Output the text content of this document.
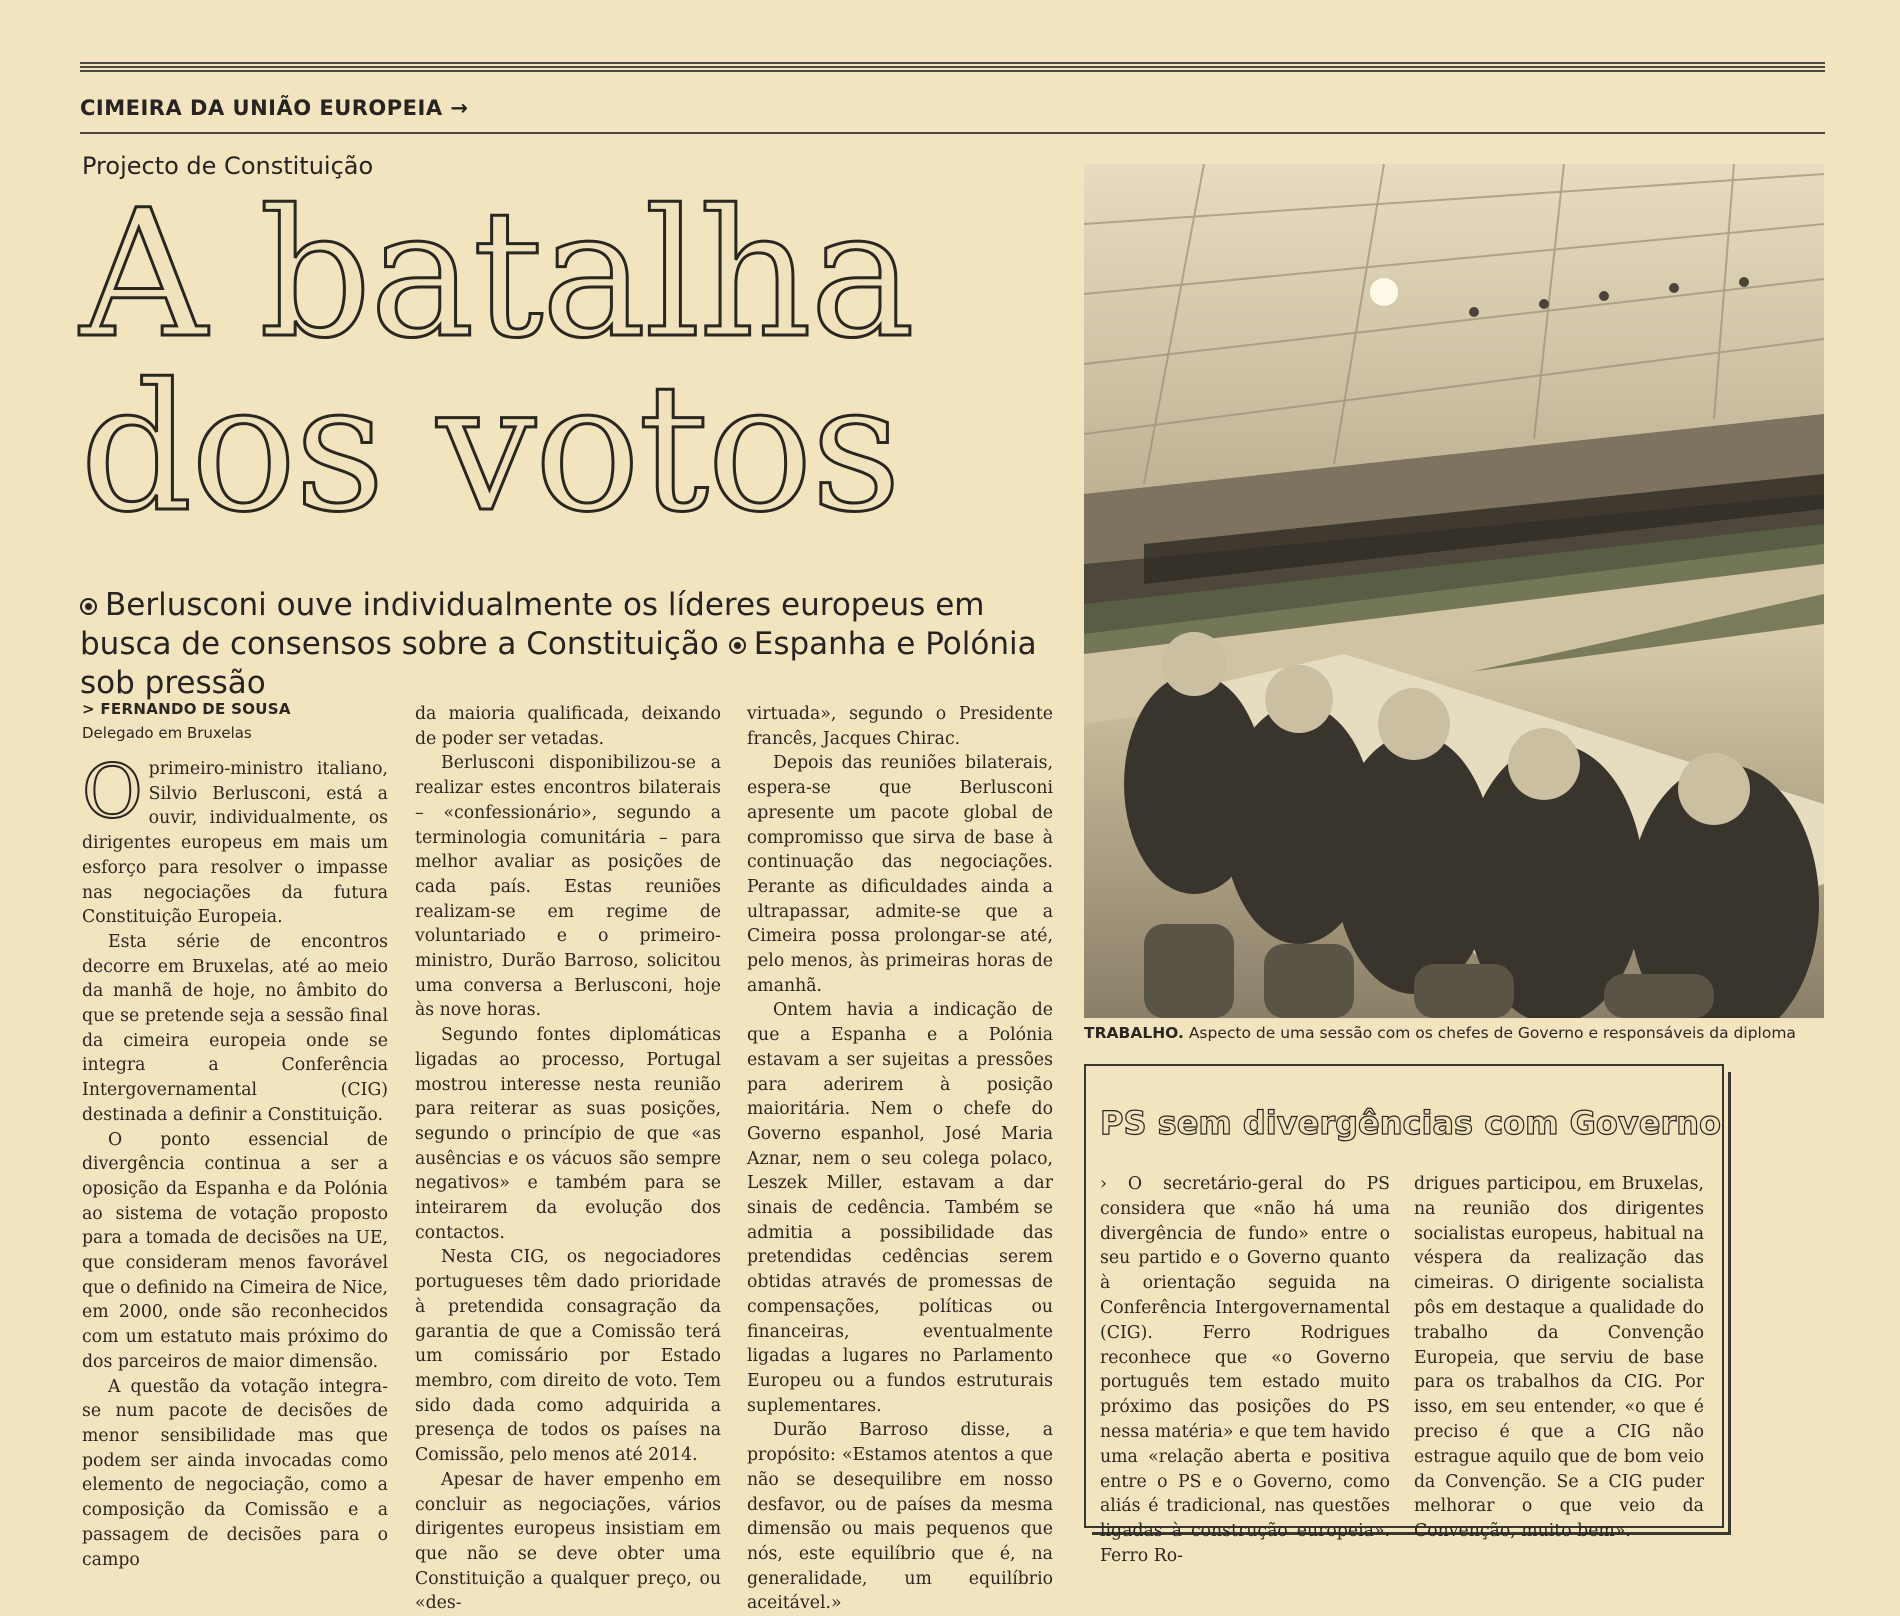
CIMEIRA DA UNIÃO EUROPEIA →
Projecto de Constituição
A batalha
dos votos
Berlusconi ouve individualmente os líderes europeus em busca de consensos sobre a Constituição Espanha e Polónia sob pressão
> FERNANDO DE SOUSA
Delegado em Bruxelas

Oprimeiro-ministro italiano, Silvio Berlusconi, está a ouvir, individualmente, os dirigentes europeus em mais um esforço para resolver o impasse nas negociações da futura Constituição Europeia.

Esta série de encontros decorre em Bruxelas, até ao meio da manhã de hoje, no âmbito do que se pretende seja a sessão final da cimeira europeia onde se integra a Conferência Intergovernamental (CIG) destinada a definir a Constituição.

O ponto essencial de divergência continua a ser a oposição da Espanha e da Polónia ao sistema de votação proposto para a tomada de decisões na UE, que consideram menos favorável que o definido na Cimeira de Nice, em 2000, onde são reconhecidos com um estatuto mais próximo do dos parceiros de maior dimensão.

A questão da votação integra-se num pacote de decisões de menor sensibilidade mas que podem ser ainda invocadas como elemento de negociação, como a composição da Comissão e a passagem de decisões para o campo

da maioria qualificada, deixando de poder ser vetadas.

Berlusconi disponibilizou-se a realizar estes encontros bilaterais – «confessionário», segundo a terminologia comunitária – para melhor avaliar as posições de cada país. Estas reuniões realizam-se em regime de voluntariado e o primeiro-ministro, Durão Barroso, solicitou uma conversa a Berlusconi, hoje às nove horas.

Segundo fontes diplomáticas ligadas ao processo, Portugal mostrou interesse nesta reunião para reiterar as suas posições, segundo o princípio de que «as ausências e os vácuos são sempre negativos» e também para se inteirarem da evolução dos contactos.

Nesta CIG, os negociadores portugueses têm dado prioridade à pretendida consagração da garantia de que a Comissão terá um comissário por Estado membro, com direito de voto. Tem sido dada como adquirida a presença de todos os países na Comissão, pelo menos até 2014.

Apesar de haver empenho em concluir as negociações, vários dirigentes europeus insistiam em que não se deve obter uma Constituição a qualquer preço, ou «des-

virtuada», segundo o Presidente francês, Jacques Chirac.

Depois das reuniões bilaterais, espera-se que Berlusconi apresente um pacote global de compromisso que sirva de base à continuação das negociações. Perante as dificuldades ainda a ultrapassar, admite-se que a Cimeira possa prolongar-se até, pelo menos, às primeiras horas de amanhã.

Ontem havia a indicação de que a Espanha e a Polónia estavam a ser sujeitas a pressões para aderirem à posição maioritária. Nem o chefe do Governo espanhol, José Maria Aznar, nem o seu colega polaco, Leszek Miller, estavam a dar sinais de cedência. Também se admitia a possibilidade das pretendidas cedências serem obtidas através de promessas de compensações, políticas ou financeiras, eventualmente ligadas a lugares no Parlamento Europeu ou a fundos estruturais suplementares.

Durão Barroso disse, a propósito: «Estamos atentos a que não se desequilibre em nosso desfavor, ou de países da mesma dimensão ou mais pequenos que nós, este equilíbrio que é, na generalidade, um equilíbrio aceitável.»

TRABALHO. Aspecto de uma sessão com os chefes de Governo e responsáveis da diploma
PS sem divergências com Governo

› O secretário-geral do PS considera que «não há uma divergência de fundo» entre o seu partido e o Governo quanto à orientação seguida na Conferência Intergovernamental (CIG). Ferro Rodrigues reconhece que «o Governo português tem estado muito próximo das posições do PS nessa matéria» e que tem havido uma «relação aberta e positiva entre o PS e o Governo, como aliás é tradicional, nas questões ligadas à construção europeia». Ferro Ro-

drigues participou, em Bruxelas, na reunião dos dirigentes socialistas europeus, habitual na véspera da realização das cimeiras. O dirigente socialista pôs em destaque a qualidade do trabalho da Convenção Europeia, que serviu de base para os trabalhos da CIG. Por isso, em seu entender, «o que é preciso é que a CIG não estrague aquilo que de bom veio da Convenção. Se a CIG puder melhorar o que veio da Convenção, muito bem».
